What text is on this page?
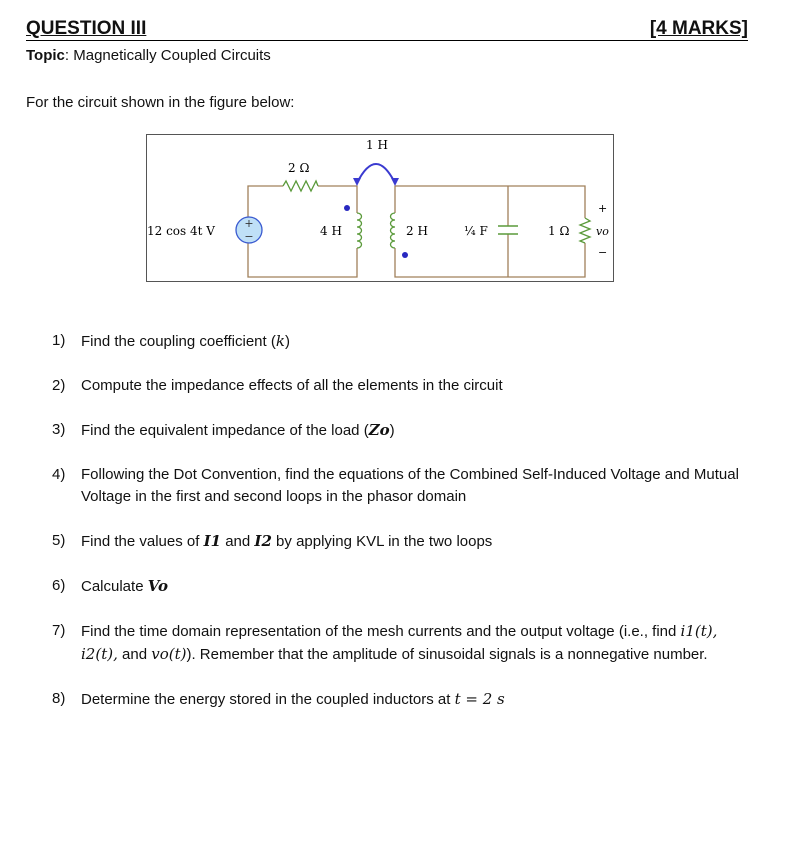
QUESTION III	[4 MARKS]
Topic: Magnetically Coupled Circuits
For the circuit shown in the figure below:
+
−
12 cos 4t V
2 Ω
4 H	2 H
1 H
¼ F	1 Ω vo
+
−
1) Find the coupling coefficient (k)
2) Compute the impedance effects of all the elements in the circuit
3) Find the equivalent impedance of the load (Zo)
4) Following the Dot Convention, find the equations of the Combined Self-Induced Voltage and Mutual Voltage in the first and second loops in the phasor domain
5) Find the values of I1 and I2 by applying KVL in the two loops
6) Calculate Vo
7) Find the time domain representation of the mesh currents and the output voltage (i.e., find i1(t), i2(t), and vo(t)). Remember that the amplitude of sinusoidal signals is a nonnegative number.
8) Determine the energy stored in the coupled inductors at t = 2 s
